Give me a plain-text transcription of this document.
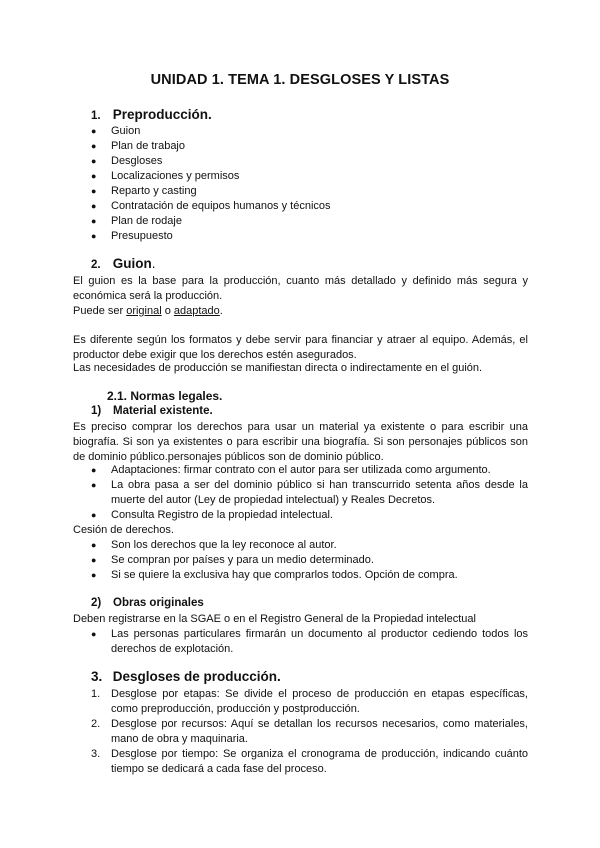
UNIDAD 1. TEMA 1. DESGLOSES Y LISTAS
1. Preproducción.
● Guion
● Plan de trabajo
● Desgloses
● Localizaciones y permisos
● Reparto y casting
● Contratación de equipos humanos y técnicos
● Plan de rodaje
● Presupuesto
2. Guion.

El guion es la base para la producción, cuanto más detallado y definido más segura y económica será la producción.

Puede ser original o adaptado.

Es diferente según los formatos y debe servir para financiar y atraer al equipo. Además, el productor debe exigir que los derechos estén asegurados.

Las necesidades de producción se manifiestan directa o indirectamente en el guión.

2.1. Normas legales.
1) Material existente.

Es preciso comprar los derechos para usar un material ya existente o para escribir una biografía. Si son ya existentes o para escribir una biografía. Si son personajes públicos son de dominio público.personajes públicos son de dominio público.

● Adaptaciones: firmar contrato con el autor para ser utilizada como argumento.
● La obra pasa a ser del dominio público si han transcurrido setenta años desde la muerte del autor (Ley de propiedad intelectual) y Reales Decretos.
● Consulta Registro de la propiedad intelectual.

Cesión de derechos.

● Son los derechos que la ley reconoce al autor.
● Se compran por países y para un medio determinado.
● Si se quiere la exclusiva hay que comprarlos todos. Opción de compra.
2) Obras originales

Deben registrarse en la SGAE o en el Registro General de la Propiedad intelectual

● Las personas particulares firmarán un documento al productor cediendo todos los derechos de explotación.
3. Desgloses de producción.
1. Desglose por etapas: Se divide el proceso de producción en etapas específicas, como preproducción, producción y postproducción.
2. Desglose por recursos: Aquí se detallan los recursos necesarios, como materiales, mano de obra y maquinaria.
3. Desglose por tiempo: Se organiza el cronograma de producción, indicando cuánto tiempo se dedicará a cada fase del proceso.
